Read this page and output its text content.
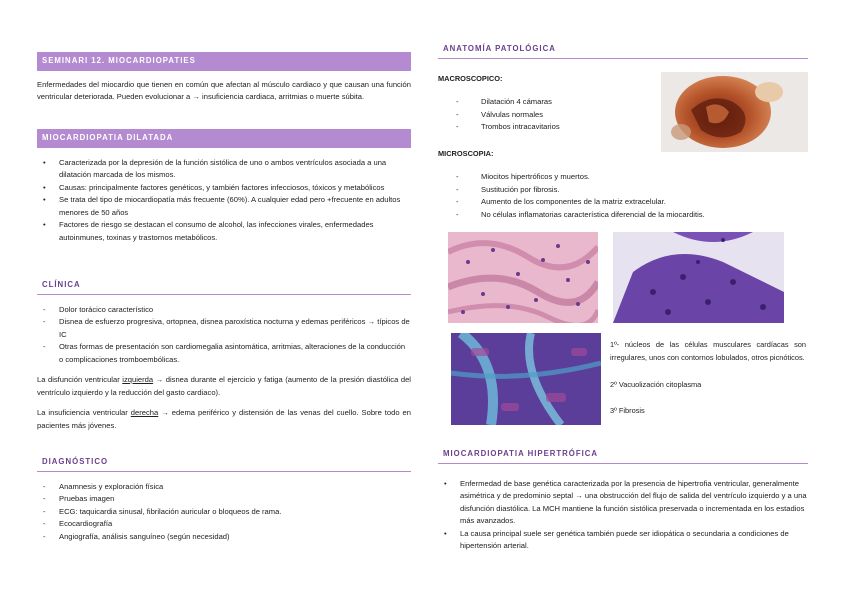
SEMINARI 12. MIOCARDIOPATIES

Enfermedades del miocardio que tienen en común que afectan al músculo cardiaco y que causan una función ventricular deteriorada. Pueden evolucionar a → insuficiencia cardiaca, arritmias o muerte súbita.

MIOCARDIOPATIA DILATADA
• Caracterizada por la depresión de la función sistólica de uno o ambos ventrículos asociada a una dilatación marcada de los mismos.
• Causas: principalmente factores genéticos, y también factores infecciosos, tóxicos y metabólicos
• Se trata del tipo de miocardiopatía más frecuente (60%). A cualquier edad pero +frecuente en adultos menores de 50 años
• Factores de riesgo se destacan el consumo de alcohol, las infecciones virales, enfermedades autoinmunes, toxinas y trastornos metabólicos.
CLÍNICA
- Dolor torácico característico
- Disnea de esfuerzo progresiva, ortopnea, disnea paroxística nocturna y edemas periféricos → típicos de IC
- Otras formas de presentación son cardiomegalia asintomática, arritmias, alteraciones de la conducción o complicaciones tromboembólicas.

La disfunción ventricular izquierda → disnea durante el ejercicio y fatiga (aumento de la presión diastólica del ventrículo izquierdo y la reducción del gasto cardiaco).

La insuficiencia ventricular derecha → edema periférico y distensión de las venas del cuello. Sobre todo en pacientes más jóvenes.

DIAGNÓSTICO
- Anamnesis y exploración física
- Pruebas imagen
- ECG: taquicardia sinusal, fibrilación auricular o bloqueos de rama.
- Ecocardiografía
- Angiografía, análisis sanguíneo (según necesidad)
ANATOMÍA PATOLÓGICA

MACROSCOPICO:

- Dilatación 4 cámaras
- Válvulas normales
- Trombos intracavitarios

MICROSCOPIA:

- Miocitos hipertróficos y muertos.
- Sustitución por fibrosis.
- Aumento de los componentes de la matriz extracelular.
- No células inflamatorias característica diferencial de la miocarditis.

1º- núcleos de las células musculares cardíacas son irregulares, unos con contornos lobulados, otros picnóticos.

2º Vacuolización citoplasma

3º Fibrosis

MIOCARDIOPATIA HIPERTRÓFICA
• Enfermedad de base genética caracterizada por la presencia de hipertrofia ventricular, generalmente asimétrica y de predominio septal → una obstrucción del flujo de salida del ventrículo izquierdo y a una disfunción diastólica. La MCH mantiene la función sistólica preservada o incrementada en los estadios más avanzados.
• La causa principal suele ser genética también puede ser idiopática o secundaria a condiciones de hipertensión arterial.
